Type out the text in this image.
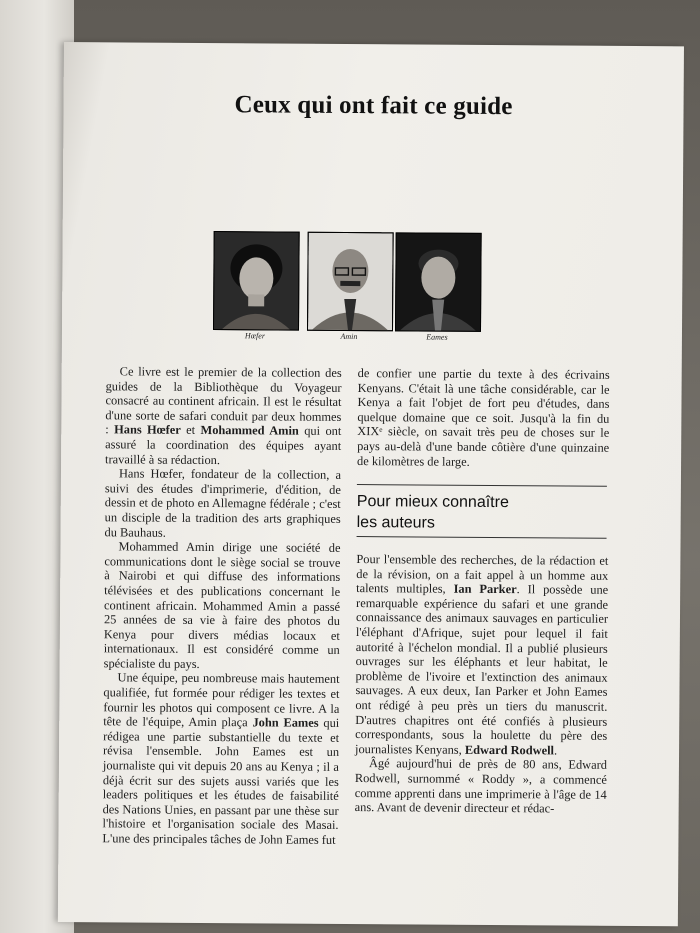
Ceux qui ont fait ce guide
Hœfer	Amin	Eames

Ce livre est le premier de la collection des guides de la Bibliothèque du Voyageur consacré au continent africain. Il est le résultat d'une sorte de safari conduit par deux hommes : Hans Hœfer et Mohammed Amin qui ont assuré la coordination des équipes ayant travaillé à sa rédaction.

Hans Hœfer, fondateur de la collection, a suivi des études d'imprimerie, d'édition, de dessin et de photo en Allemagne fédérale ; c'est un disciple de la tradition des arts graphiques du Bauhaus.

Mohammed Amin dirige une société de communications dont le siège social se trouve à Nairobi et qui diffuse des informations télévisées et des publications concernant le continent africain. Mohammed Amin a passé 25 années de sa vie à faire des photos du Kenya pour divers médias locaux et internationaux. Il est considéré comme un spécialiste du pays.

Une équipe, peu nombreuse mais hautement qualifiée, fut formée pour rédiger les textes et fournir les photos qui composent ce livre. A la tête de l'équipe, Amin plaça John Eames qui rédigea une partie substantielle du texte et révisa l'ensemble. John Eames est un journaliste qui vit depuis 20 ans au Kenya ; il a déjà écrit sur des sujets aussi variés que les leaders politiques et les études de faisabilité des Nations Unies, en passant par une thèse sur l'histoire et l'organisation sociale des Masai. L'une des principales tâches de John Eames fut

de confier une partie du texte à des écrivains Kenyans. C'était là une tâche considérable, car le Kenya a fait l'objet de fort peu d'études, dans quelque domaine que ce soit. Jusqu'à la fin du XIXᵉ siècle, on savait très peu de choses sur le pays au-delà d'une bande côtière d'une quinzaine de kilomètres de large.

Pour mieux connaître
les auteurs

Pour l'ensemble des recherches, de la rédaction et de la révision, on a fait appel à un homme aux talents multiples, Ian Parker. Il possède une remarquable expérience du safari et une grande connaissance des animaux sauvages en particulier l'éléphant d'Afrique, sujet pour lequel il fait autorité à l'échelon mondial. Il a publié plusieurs ouvrages sur les éléphants et leur habitat, le problème de l'ivoire et l'extinction des animaux sauvages. A eux deux, Ian Parker et John Eames ont rédigé à peu près un tiers du manuscrit. D'autres chapitres ont été confiés à plusieurs correspondants, sous la houlette du père des journalistes Kenyans, Edward Rodwell.

Âgé aujourd'hui de près de 80 ans, Edward Rodwell, surnommé « Roddy », a commencé comme apprenti dans une imprimerie à l'âge de 14 ans. Avant de devenir directeur et rédac-
